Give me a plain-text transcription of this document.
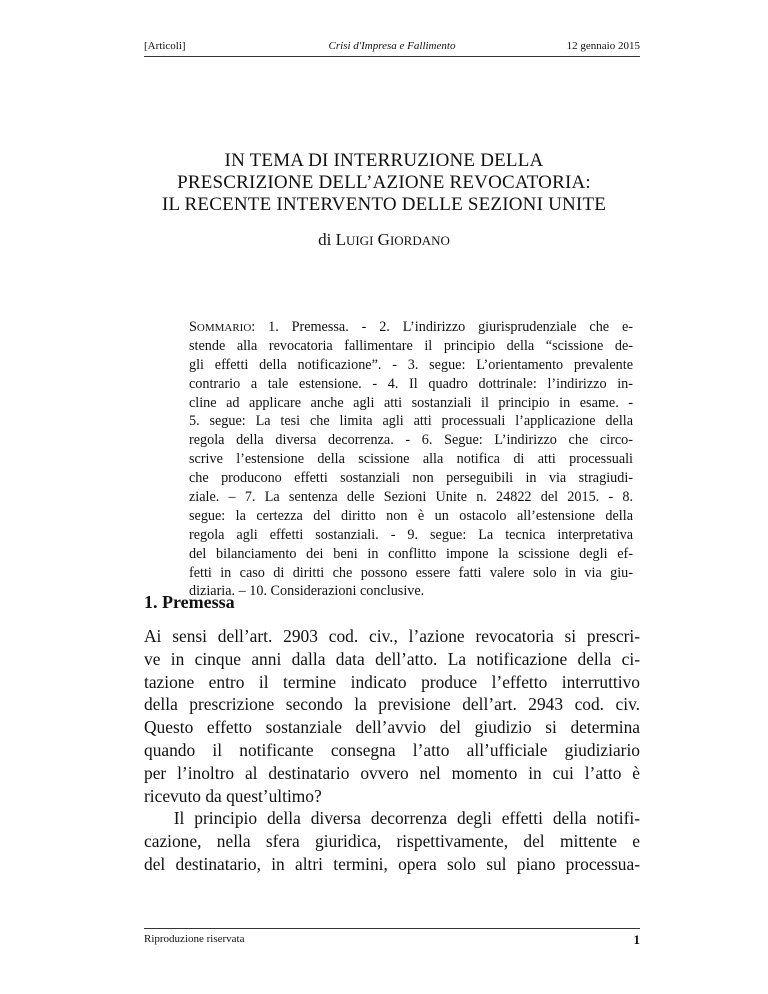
[Articoli]	Crisi d'Impresa e Fallimento	12 gennaio 2015
IN TEMA DI INTERRUZIONE DELLA
PRESCRIZIONE DELL’AZIONE REVOCATORIA:
IL RECENTE INTERVENTO DELLE SEZIONI UNITE
di LUIGI GIORDANO
SOMMARIO: 1. Premessa. - 2. L’indirizzo giurisprudenziale che e-
stende alla revocatoria fallimentare il principio della “scissione de-
gli effetti della notificazione”. - 3. segue: L’orientamento prevalente
contrario a tale estensione. - 4. Il quadro dottrinale: l’indirizzo in-
cline ad applicare anche agli atti sostanziali il principio in esame. -
5. segue: La tesi che limita agli atti processuali l’applicazione della
regola della diversa decorrenza. - 6. Segue: L’indirizzo che circo-
scrive l’estensione della scissione alla notifica di atti processuali
che producono effetti sostanziali non perseguibili in via stragiudi-
ziale. – 7. La sentenza delle Sezioni Unite n. 24822 del 2015. - 8.
segue: la certezza del diritto non è un ostacolo all’estensione della
regola agli effetti sostanziali. - 9. segue: La tecnica interpretativa
del bilanciamento dei beni in conflitto impone la scissione degli ef-
fetti in caso di diritti che possono essere fatti valere solo in via giu-
diziaria. – 10. Considerazioni conclusive.
1. Premessa
Ai sensi dell’art. 2903 cod. civ., l’azione revocatoria si prescri-
ve in cinque anni dalla data dell’atto. La notificazione della ci-
tazione entro il termine indicato produce l’effetto interruttivo
della prescrizione secondo la previsione dell’art. 2943 cod. civ.
Questo effetto sostanziale dell’avvio del giudizio si determina
quando il notificante consegna l’atto all’ufficiale giudiziario
per l’inoltro al destinatario ovvero nel momento in cui l’atto è
ricevuto da quest’ultimo?
Il principio della diversa decorrenza degli effetti della notifi-
cazione, nella sfera giuridica, rispettivamente, del mittente e
del destinatario, in altri termini, opera solo sul piano processua-
Riproduzione riservata	1
